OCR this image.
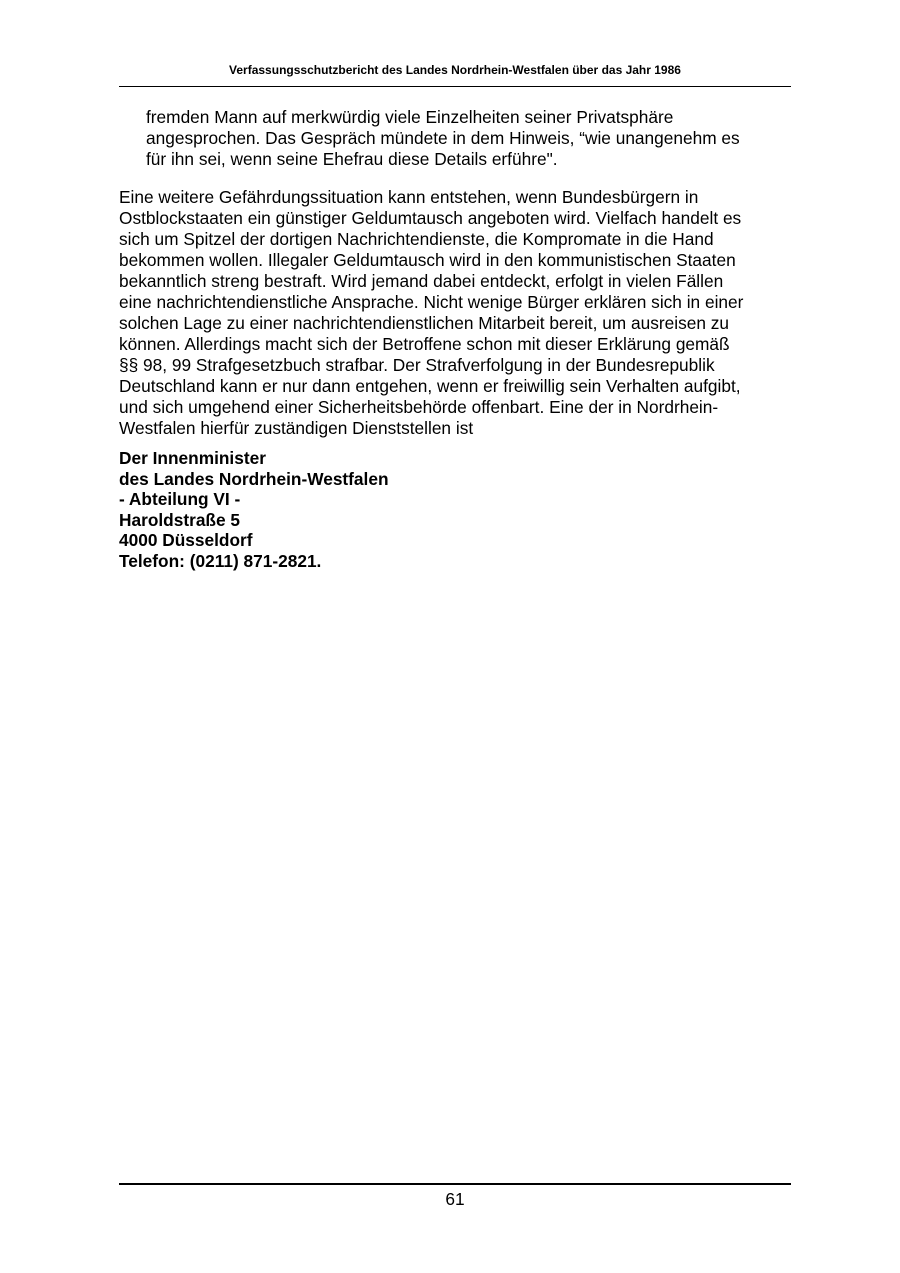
Verfassungsschutzbericht des Landes Nordrhein-Westfalen über das Jahr 1986
fremden Mann auf merkwürdig viele Einzelheiten seiner Privatsphäre
angesprochen. Das Gespräch mündete in dem Hinweis, “wie unangenehm es
für ihn sei, wenn seine Ehefrau diese Details erführe".
Eine weitere Gefährdungssituation kann entstehen, wenn Bundesbürgern in
Ostblockstaaten ein günstiger Geldumtausch angeboten wird. Vielfach handelt es
sich um Spitzel der dortigen Nachrichtendienste, die Kompromate in die Hand
bekommen wollen. Illegaler Geldumtausch wird in den kommunistischen Staaten
bekanntlich streng bestraft. Wird jemand dabei entdeckt, erfolgt in vielen Fällen
eine nachrichtendienstliche Ansprache. Nicht wenige Bürger erklären sich in einer
solchen Lage zu einer nachrichtendienstlichen Mitarbeit bereit, um ausreisen zu
können. Allerdings macht sich der Betroffene schon mit dieser Erklärung gemäß
§§ 98, 99 Strafgesetzbuch strafbar. Der Strafverfolgung in der Bundesrepublik
Deutschland kann er nur dann entgehen, wenn er freiwillig sein Verhalten aufgibt,
und sich umgehend einer Sicherheitsbehörde offenbart. Eine der in Nordrhein-
Westfalen hierfür zuständigen Dienststellen ist
Der Innenminister
des Landes Nordrhein-Westfalen
- Abteilung VI -
Haroldstraße 5
4000 Düsseldorf
Telefon: (0211) 871-2821.
61
